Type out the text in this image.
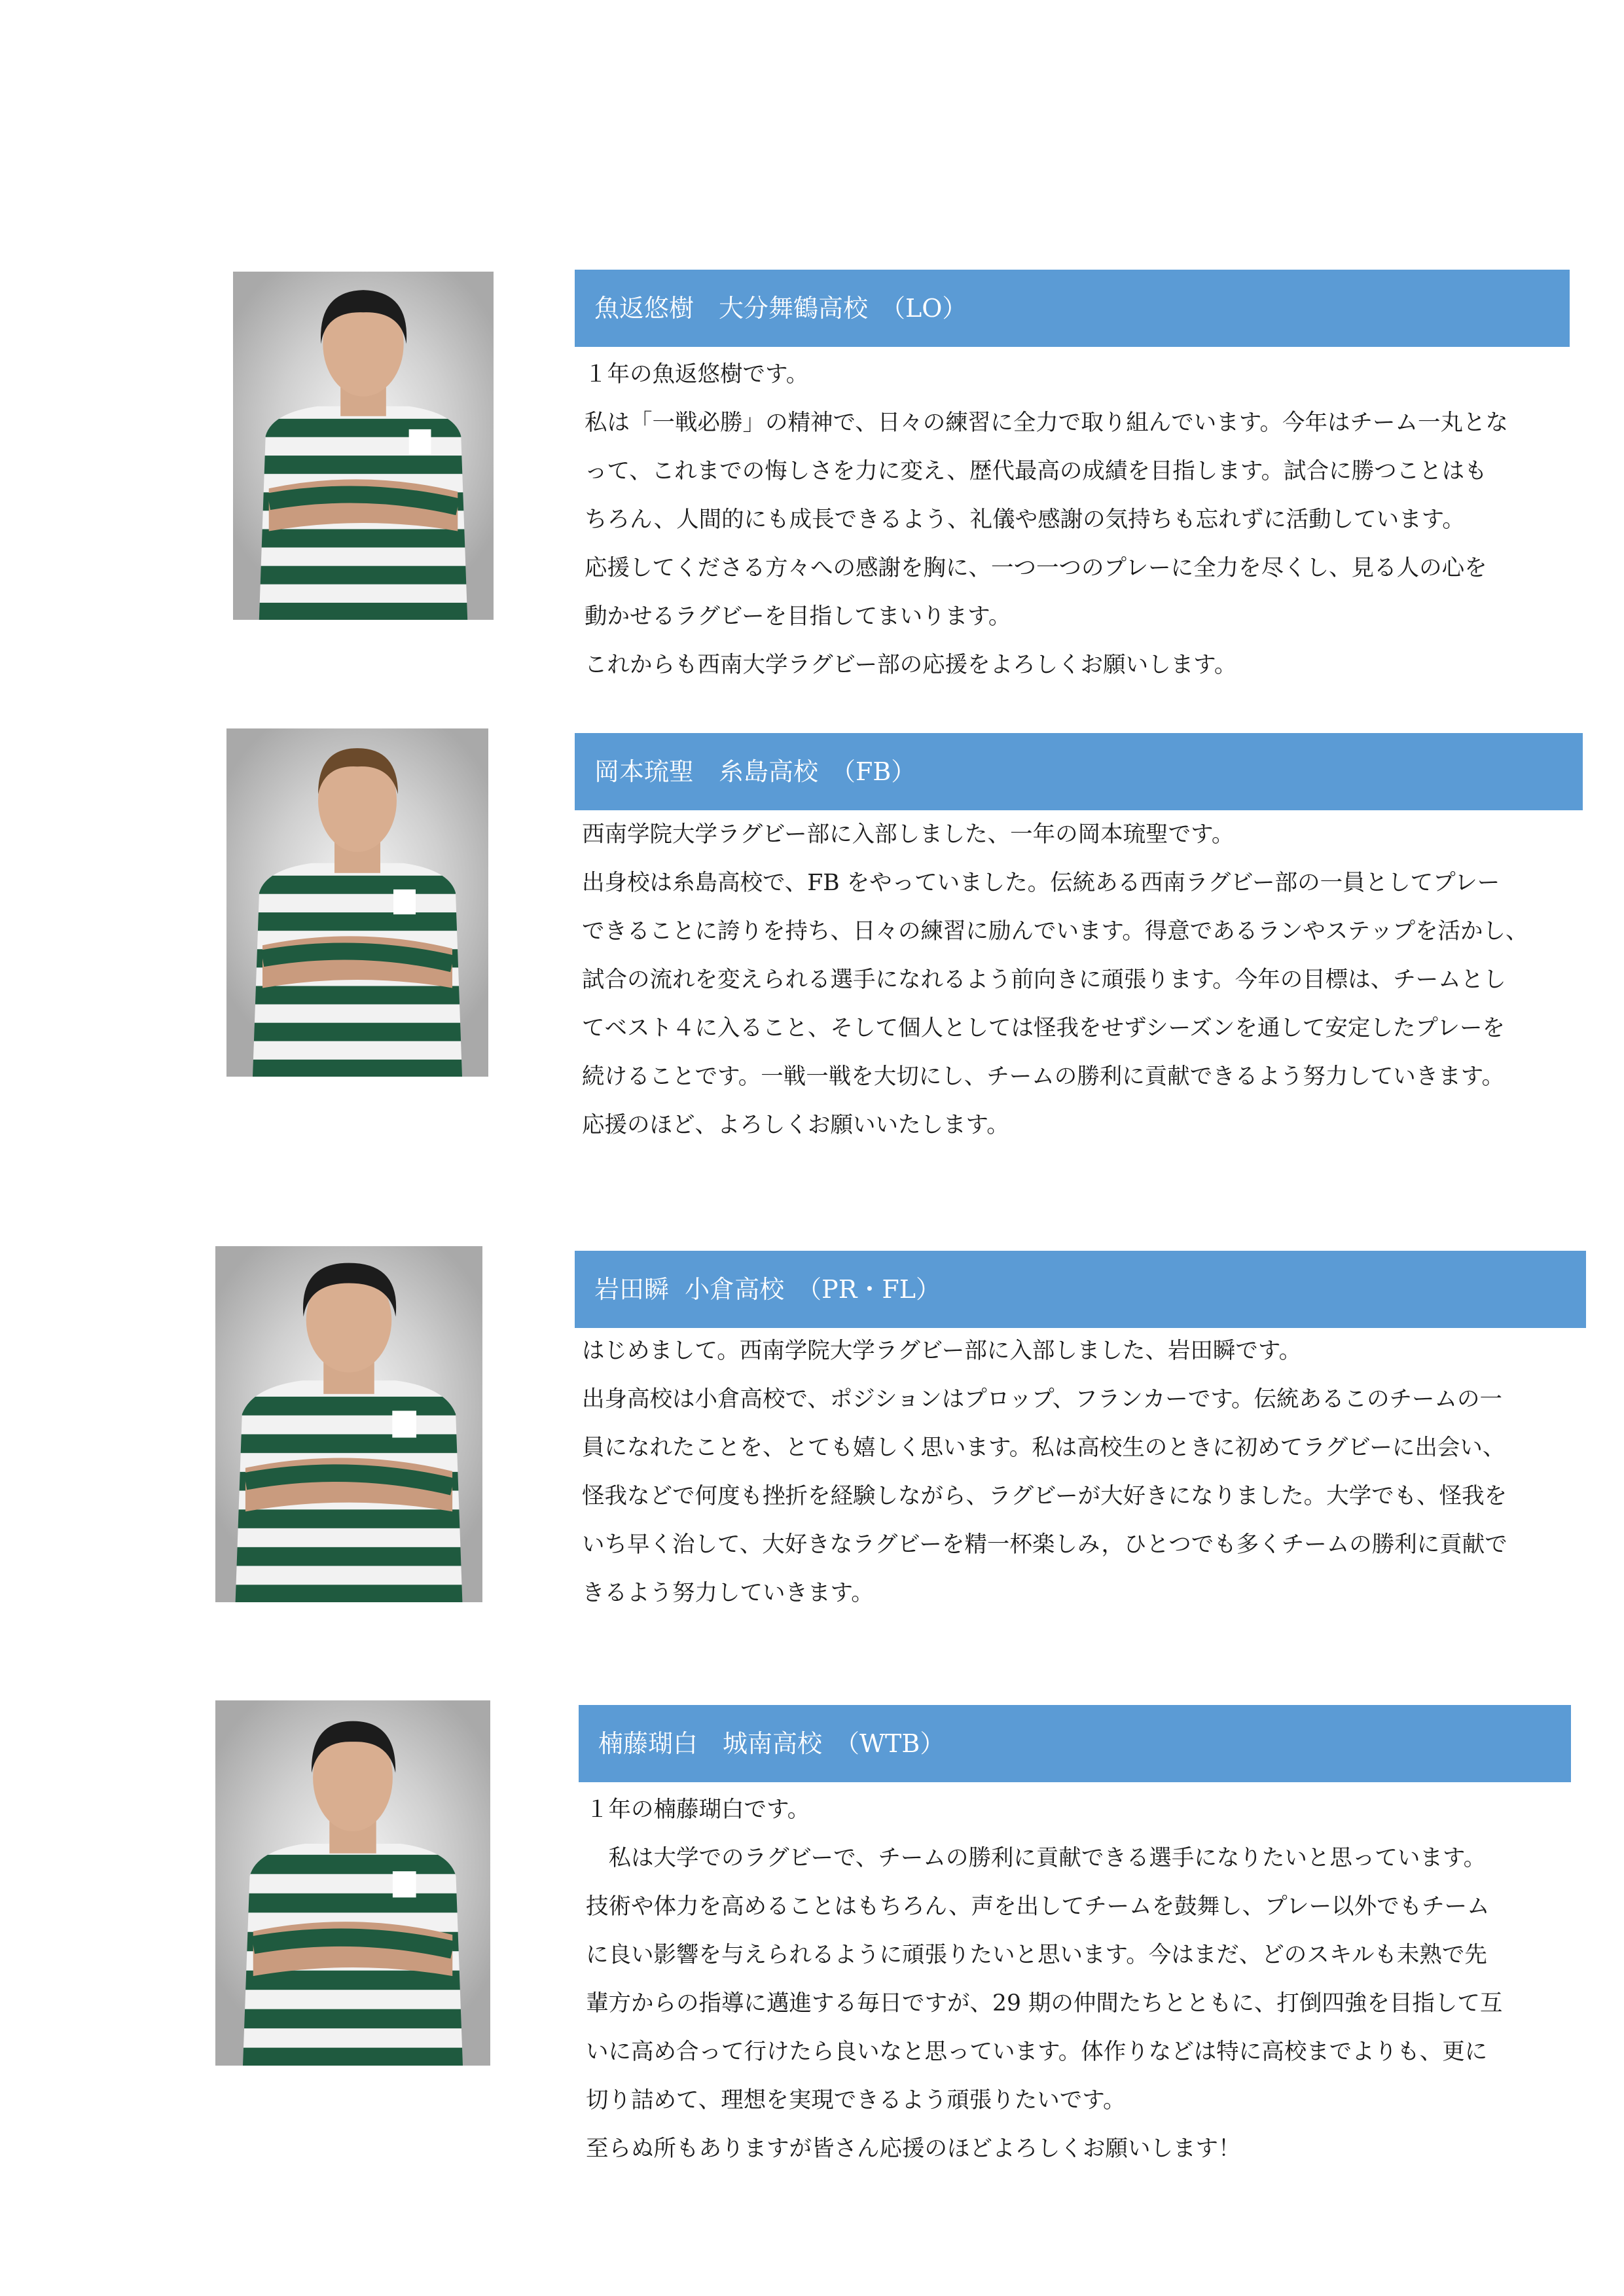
魚返悠樹　大分舞鶴高校　（LO）

１年の魚返悠樹です。

私は「一戦必勝」の精神で、日々の練習に全力で取り組んでいます。今年はチーム一丸とな

って、これまでの悔しさを力に変え、歴代最高の成績を目指します。試合に勝つことはも

ちろん、人間的にも成長できるよう、礼儀や感謝の気持ちも忘れずに活動しています。

応援してくださる方々への感謝を胸に、一つ一つのプレーに全力を尽くし、見る人の心を

動かせるラグビーを目指してまいります。

これからも西南大学ラグビー部の応援をよろしくお願いします。

岡本琉聖　糸島高校　（FB）

西南学院大学ラグビー部に入部しました、一年の岡本琉聖です。

出身校は糸島高校で、FB をやっていました。伝統ある西南ラグビー部の一員としてプレー

できることに誇りを持ち、日々の練習に励んでいます。得意であるランやステップを活かし、

試合の流れを変えられる選手になれるよう前向きに頑張ります。今年の目標は、チームとし

てベスト４に入ること、そして個人としては怪我をせずシーズンを通して安定したプレーを

続けることです。一戦一戦を大切にし、チームの勝利に貢献できるよう努力していきます。

応援のほど、よろしくお願いいたします。

岩田瞬  小倉高校　（PR・FL）

はじめまして。西南学院大学ラグビー部に入部しました、岩田瞬です。

出身高校は小倉高校で、ポジションはプロップ、フランカーです。伝統あるこのチームの一

員になれたことを、とても嬉しく思います。私は高校生のときに初めてラグビーに出会い、

怪我などで何度も挫折を経験しながら、ラグビーが大好きになりました。大学でも、怪我を

いち早く治して、大好きなラグビーを精一杯楽しみ，ひとつでも多くチームの勝利に貢献で

きるよう努力していきます。

楠藤瑚白　城南高校　（WTB）

１年の楠藤瑚白です。

　私は大学でのラグビーで、チームの勝利に貢献できる選手になりたいと思っています。

技術や体力を高めることはもちろん、声を出してチームを鼓舞し、プレー以外でもチーム

に良い影響を与えられるように頑張りたいと思います。今はまだ、どのスキルも未熟で先

輩方からの指導に邁進する毎日ですが、29 期の仲間たちとともに、打倒四強を目指して互

いに高め合って行けたら良いなと思っています。体作りなどは特に高校までよりも、更に

切り詰めて、理想を実現できるよう頑張りたいです。

至らぬ所もありますが皆さん応援のほどよろしくお願いします！
